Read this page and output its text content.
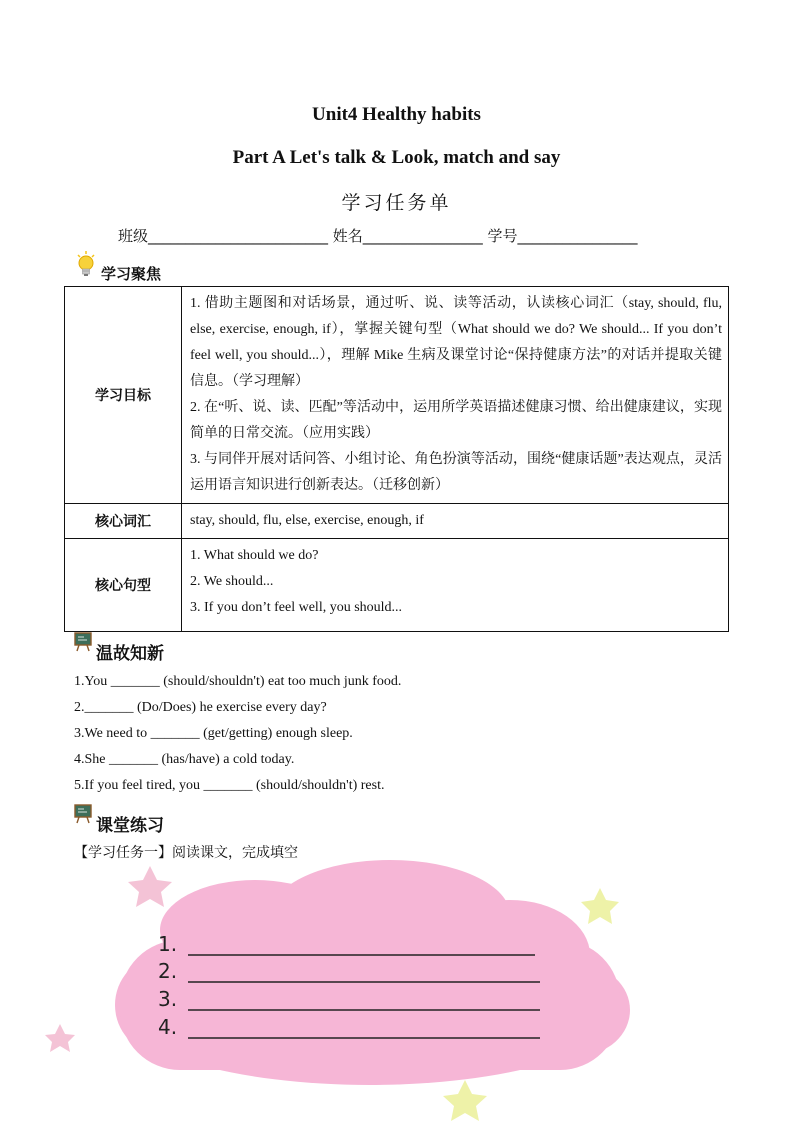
Unit4 Healthy habits
Part A Let's talk & Look, match and say
学习任务单
班级________________________ 姓名________________ 学号________________
学习聚焦
学习目标	1. 借助主题图和对话场景，通过听、说、读等活动，认读核心词汇（stay, should, flu, else, exercise, enough, if），掌握关键句型（What should we do? We should... If you don’t feel well, you should...），理解 Mike 生病及课堂讨论“保持健康方法”的对话并提取关键信息。（学习理解）
2. 在“听、说、读、匹配”等活动中，运用所学英语描述健康习惯、给出健康建议，实现简单的日常交流。（应用实践）
3. 与同伴开展对话问答、小组讨论、角色扮演等活动，围绕“健康话题”表达观点，灵活运用语言知识进行创新表达。（迁移创新）

核心词汇	stay, should, flu, else, exercise, enough, if

核心句型	1. What should we do?
2. We should...
3. If you don’t feel well, you should...
温故知新
1.You _______ (should/shouldn't) eat too much junk food.
2._______ (Do/Does) he exercise every day?
3.We need to _______ (get/getting) enough sleep.
4.She _______ (has/have) a cold today.
5.If you feel tired, you _______ (should/shouldn't) rest.
课堂练习
【学习任务一】阅读课文，完成填空
1.
2.
3.
4.
